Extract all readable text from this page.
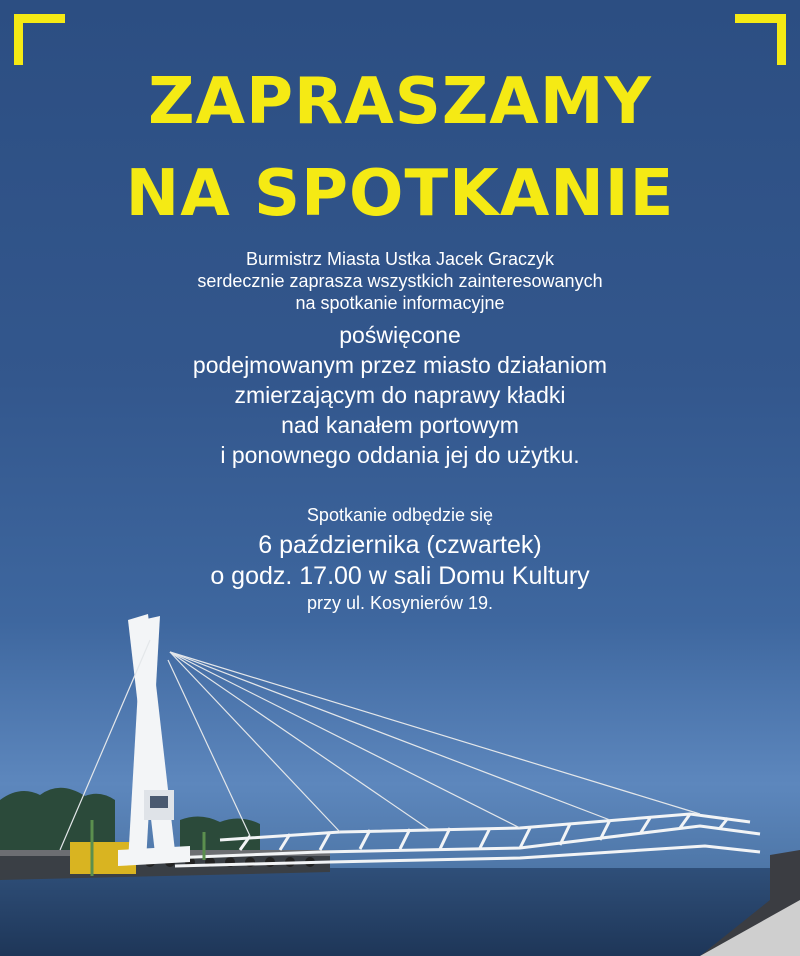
ZAPRASZAMY
NA SPOTKANIE
Burmistrz Miasta Ustka Jacek Graczyk
serdecznie zaprasza wszystkich zainteresowanych
na spotkanie informacyjne
poświęcone
podejmowanym przez miasto działaniom
zmierzającym do naprawy kładki
nad kanałem portowym
i ponownego oddania jej do użytku.
Spotkanie odbędzie się
6 października (czwartek)
o godz. 17.00 w sali Domu Kultury
przy ul. Kosynierów 19.
